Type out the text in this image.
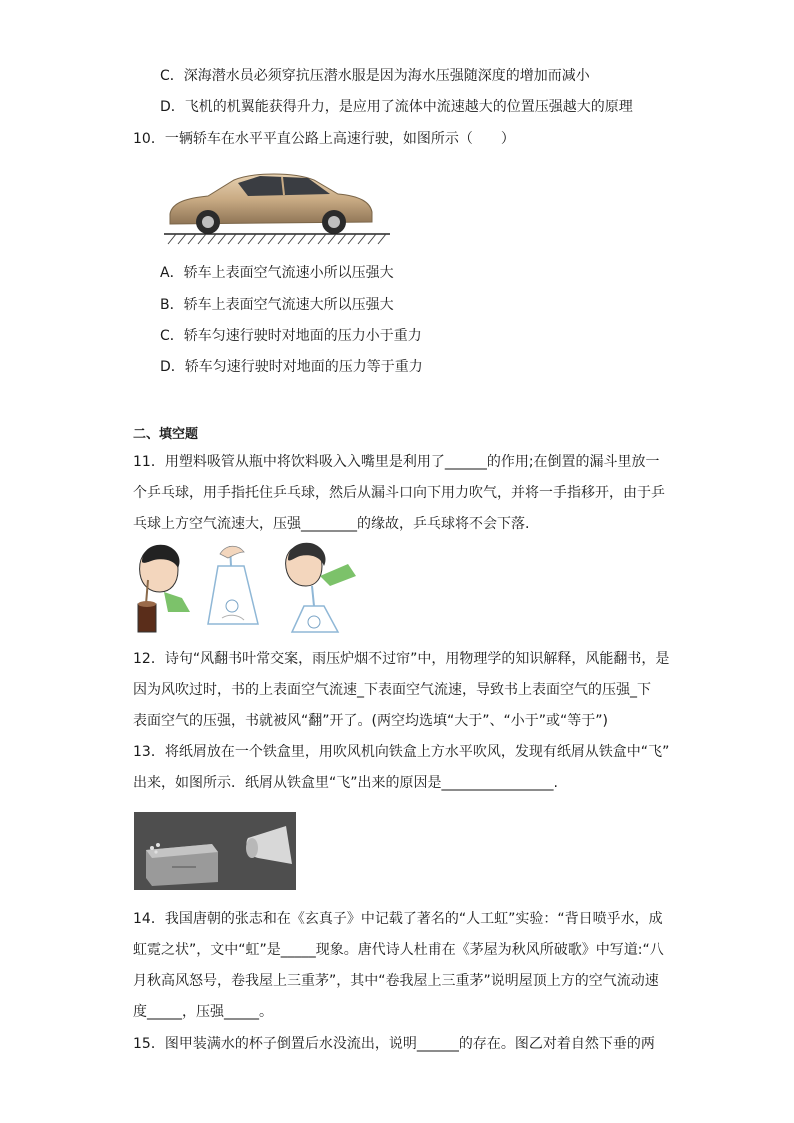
C．深海潜水员必须穿抗压潜水服是因为海水压强随深度的增加而减小
D．飞机的机翼能获得升力，是应用了流体中流速越大的位置压强越大的原理
10．一辆轿车在水平平直公路上高速行驶，如图所示（　　）
A．轿车上表面空气流速小所以压强大
B．轿车上表面空气流速大所以压强大
C．轿车匀速行驶时对地面的压力小于重力
D．轿车匀速行驶时对地面的压力等于重力
二、填空题
11．用塑料吸管从瓶中将饮料吸入入嘴里是利用了______的作用;在倒置的漏斗里放一
个乒乓球，用手指托住乒乓球，然后从漏斗口向下用力吹气，并将一手指移开，由于乒
乓球上方空气流速大，压强________的缘故，乒乓球将不会下落.
12．诗句“风翻书叶常交案，雨压炉烟不过帘”中，用物理学的知识解释，风能翻书，是
因为风吹过时，书的上表面空气流速_下表面空气流速，导致书上表面空气的压强_下
表面空气的压强，书就被风“翻”开了。(两空均选填“大于”、“小于”或“等于”)
13．将纸屑放在一个铁盒里，用吹风机向铁盒上方水平吹风，发现有纸屑从铁盒中“飞”
出来，如图所示．纸屑从铁盒里“飞”出来的原因是________________.
14．我国唐朝的张志和在《玄真子》中记载了著名的“人工虹”实验：“背日喷乎水，成
虹霓之状”，文中“虹”是_____现象。唐代诗人杜甫在《茅屋为秋风所破歌》中写道:“八
月秋高风怒号，卷我屋上三重茅”，其中“卷我屋上三重茅”说明屋顶上方的空气流动速
度_____，压强_____。
15．图甲装满水的杯子倒置后水没流出，说明______的存在。图乙对着自然下垂的两
